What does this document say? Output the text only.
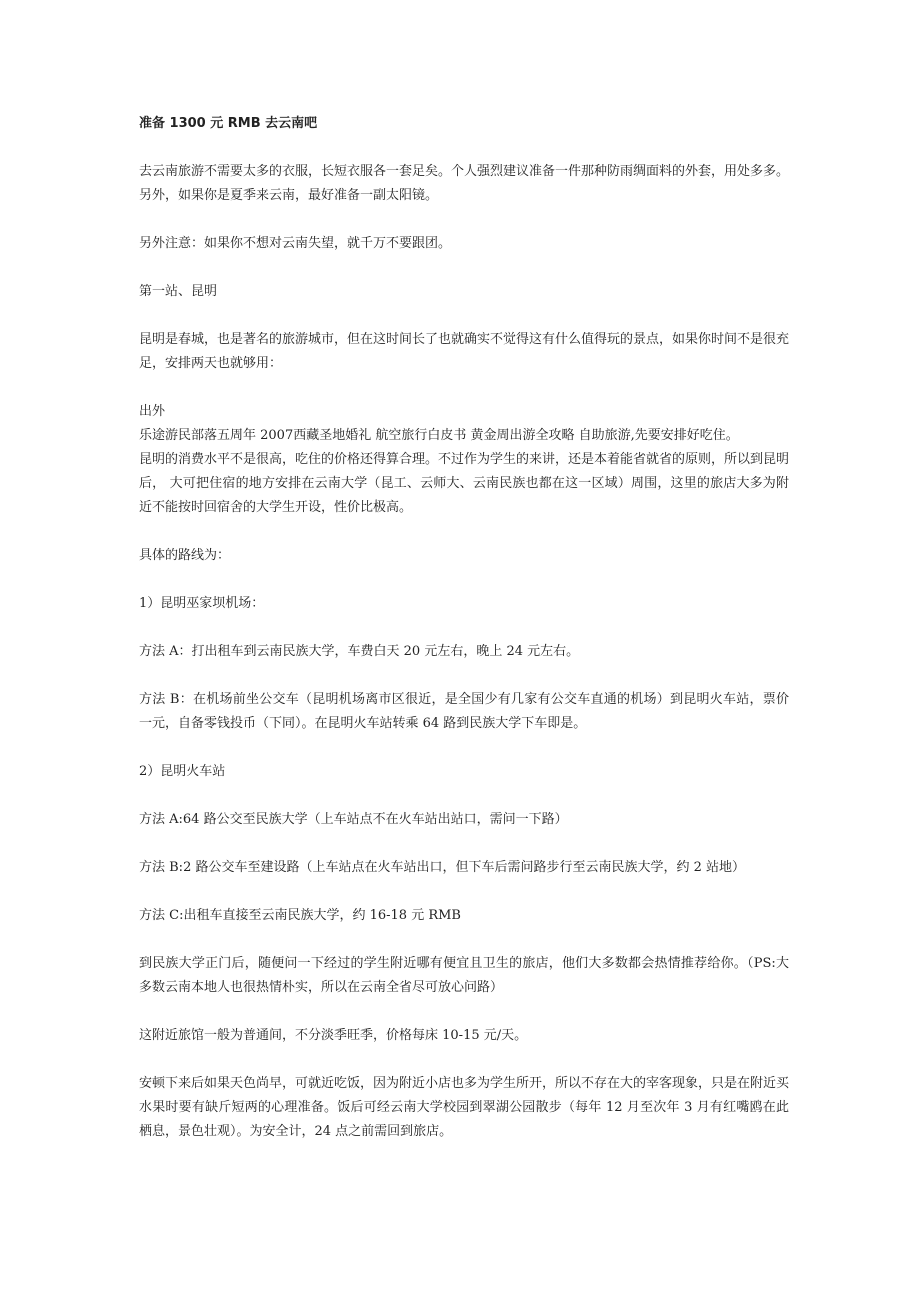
准备 1300 元 RMB 去云南吧

去云南旅游不需要太多的衣服，长短衣服各一套足矣。个人强烈建议准备一件那种防雨绸面料的外套，用处多多。另外，如果你是夏季来云南，最好准备一副太阳镜。

另外注意：如果你不想对云南失望，就千万不要跟团。

第一站、昆明

昆明是春城，也是著名的旅游城市，但在这时间长了也就确实不觉得这有什么值得玩的景点，如果你时间不是很充足，安排两天也就够用：

出外
乐途游民部落五周年 2007西藏圣地婚礼 航空旅行白皮书 黄金周出游全攻略 自助旅游,先要安排好吃住。
昆明的消费水平不是很高，吃住的价格还得算合理。不过作为学生的来讲，还是本着能省就省的原则，所以到昆明后， 大可把住宿的地方安排在云南大学（昆工、云师大、云南民族也都在这一区域）周围，这里的旅店大多为附近不能按时回宿舍的大学生开设，性价比极高。

具体的路线为：

1）昆明巫家坝机场：

方法 A：打出租车到云南民族大学，车费白天 20 元左右，晚上 24 元左右。

方法 B：在机场前坐公交车（昆明机场离市区很近，是全国少有几家有公交车直通的机场）到昆明火车站，票价一元，自备零钱投币（下同）。在昆明火车站转乘 64 路到民族大学下车即是。

2）昆明火车站

方法 A:64 路公交至民族大学（上车站点不在火车站出站口，需问一下路）

方法 B:2 路公交车至建设路（上车站点在火车站出口，但下车后需问路步行至云南民族大学，约 2 站地）

方法 C:出租车直接至云南民族大学，约 16-18 元 RMB

到民族大学正门后，随便问一下经过的学生附近哪有便宜且卫生的旅店，他们大多数都会热情推荐给你。（PS:大多数云南本地人也很热情朴实，所以在云南全省尽可放心问路）

这附近旅馆一般为普通间，不分淡季旺季，价格每床 10-15 元/天。

安顿下来后如果天色尚早，可就近吃饭，因为附近小店也多为学生所开，所以不存在大的宰客现象，只是在附近买水果时要有缺斤短两的心理准备。饭后可经云南大学校园到翠湖公园散步（每年 12 月至次年 3 月有红嘴鸥在此栖息，景色壮观）。为安全计，24 点之前需回到旅店。
